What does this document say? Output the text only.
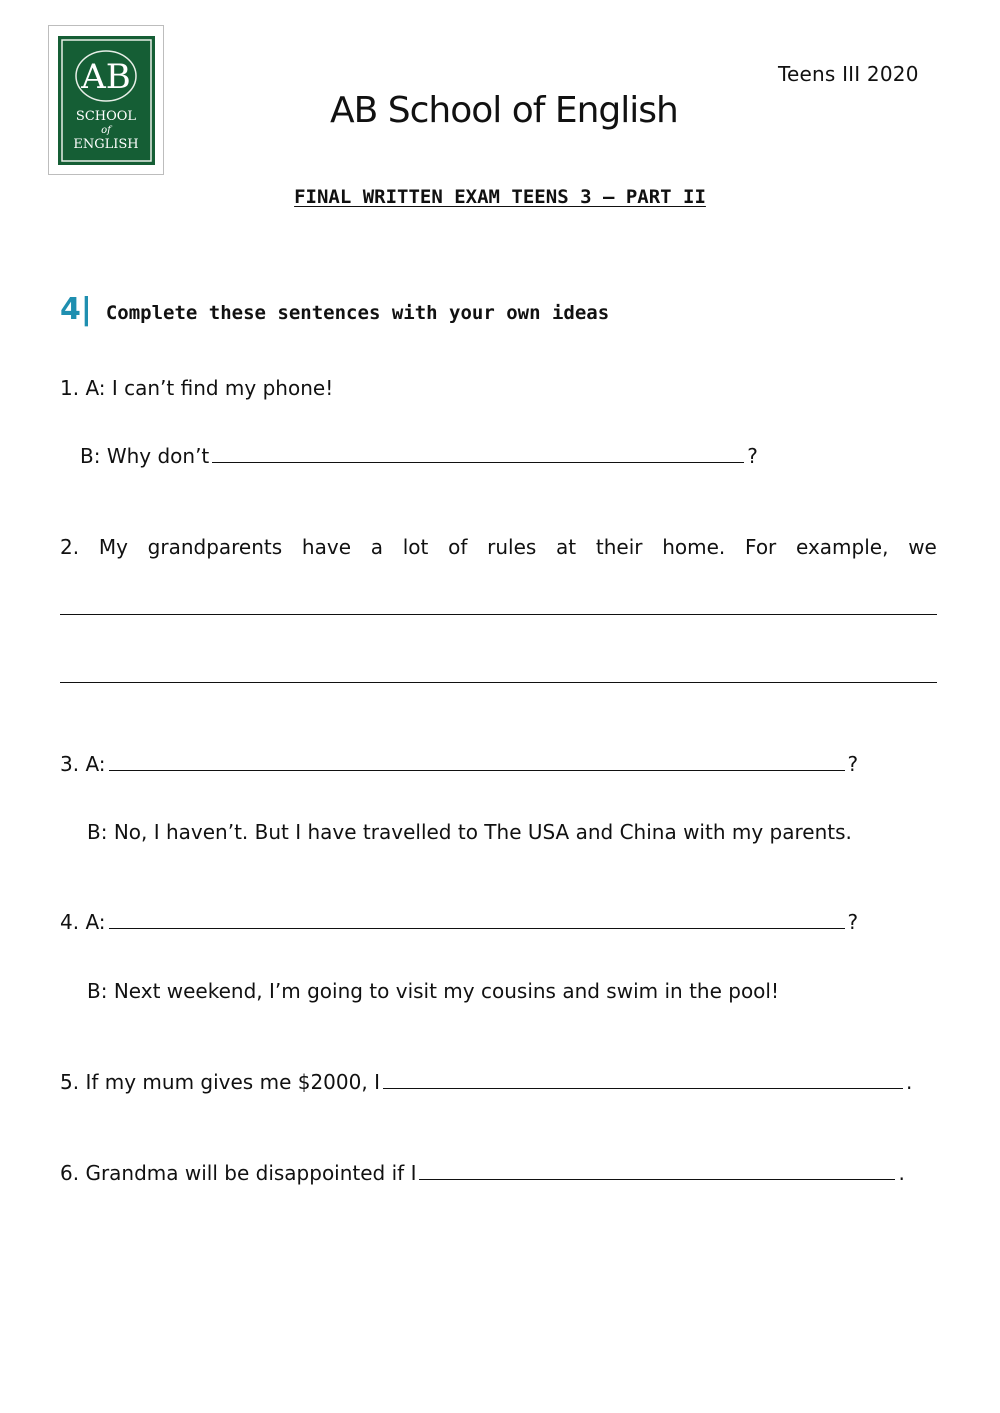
AB
SCHOOL
of
ENGLISH
Teens III 2020
AB School of English
FINAL WRITTEN EXAM TEENS 3 – PART II
4| Complete these sentences with your own ideas
1. A: I can’t find my phone!
B: Why don’t	?
2. My grandparents have a lot of rules at their home. For example, we
3. A:	?
B: No, I haven’t. But I have travelled to The USA and China with my parents.
4. A:	?
B: Next weekend, I’m going to visit my cousins and swim in the pool!
5. If my mum gives me $2000, I	.
6. Grandma will be disappointed if I	.
